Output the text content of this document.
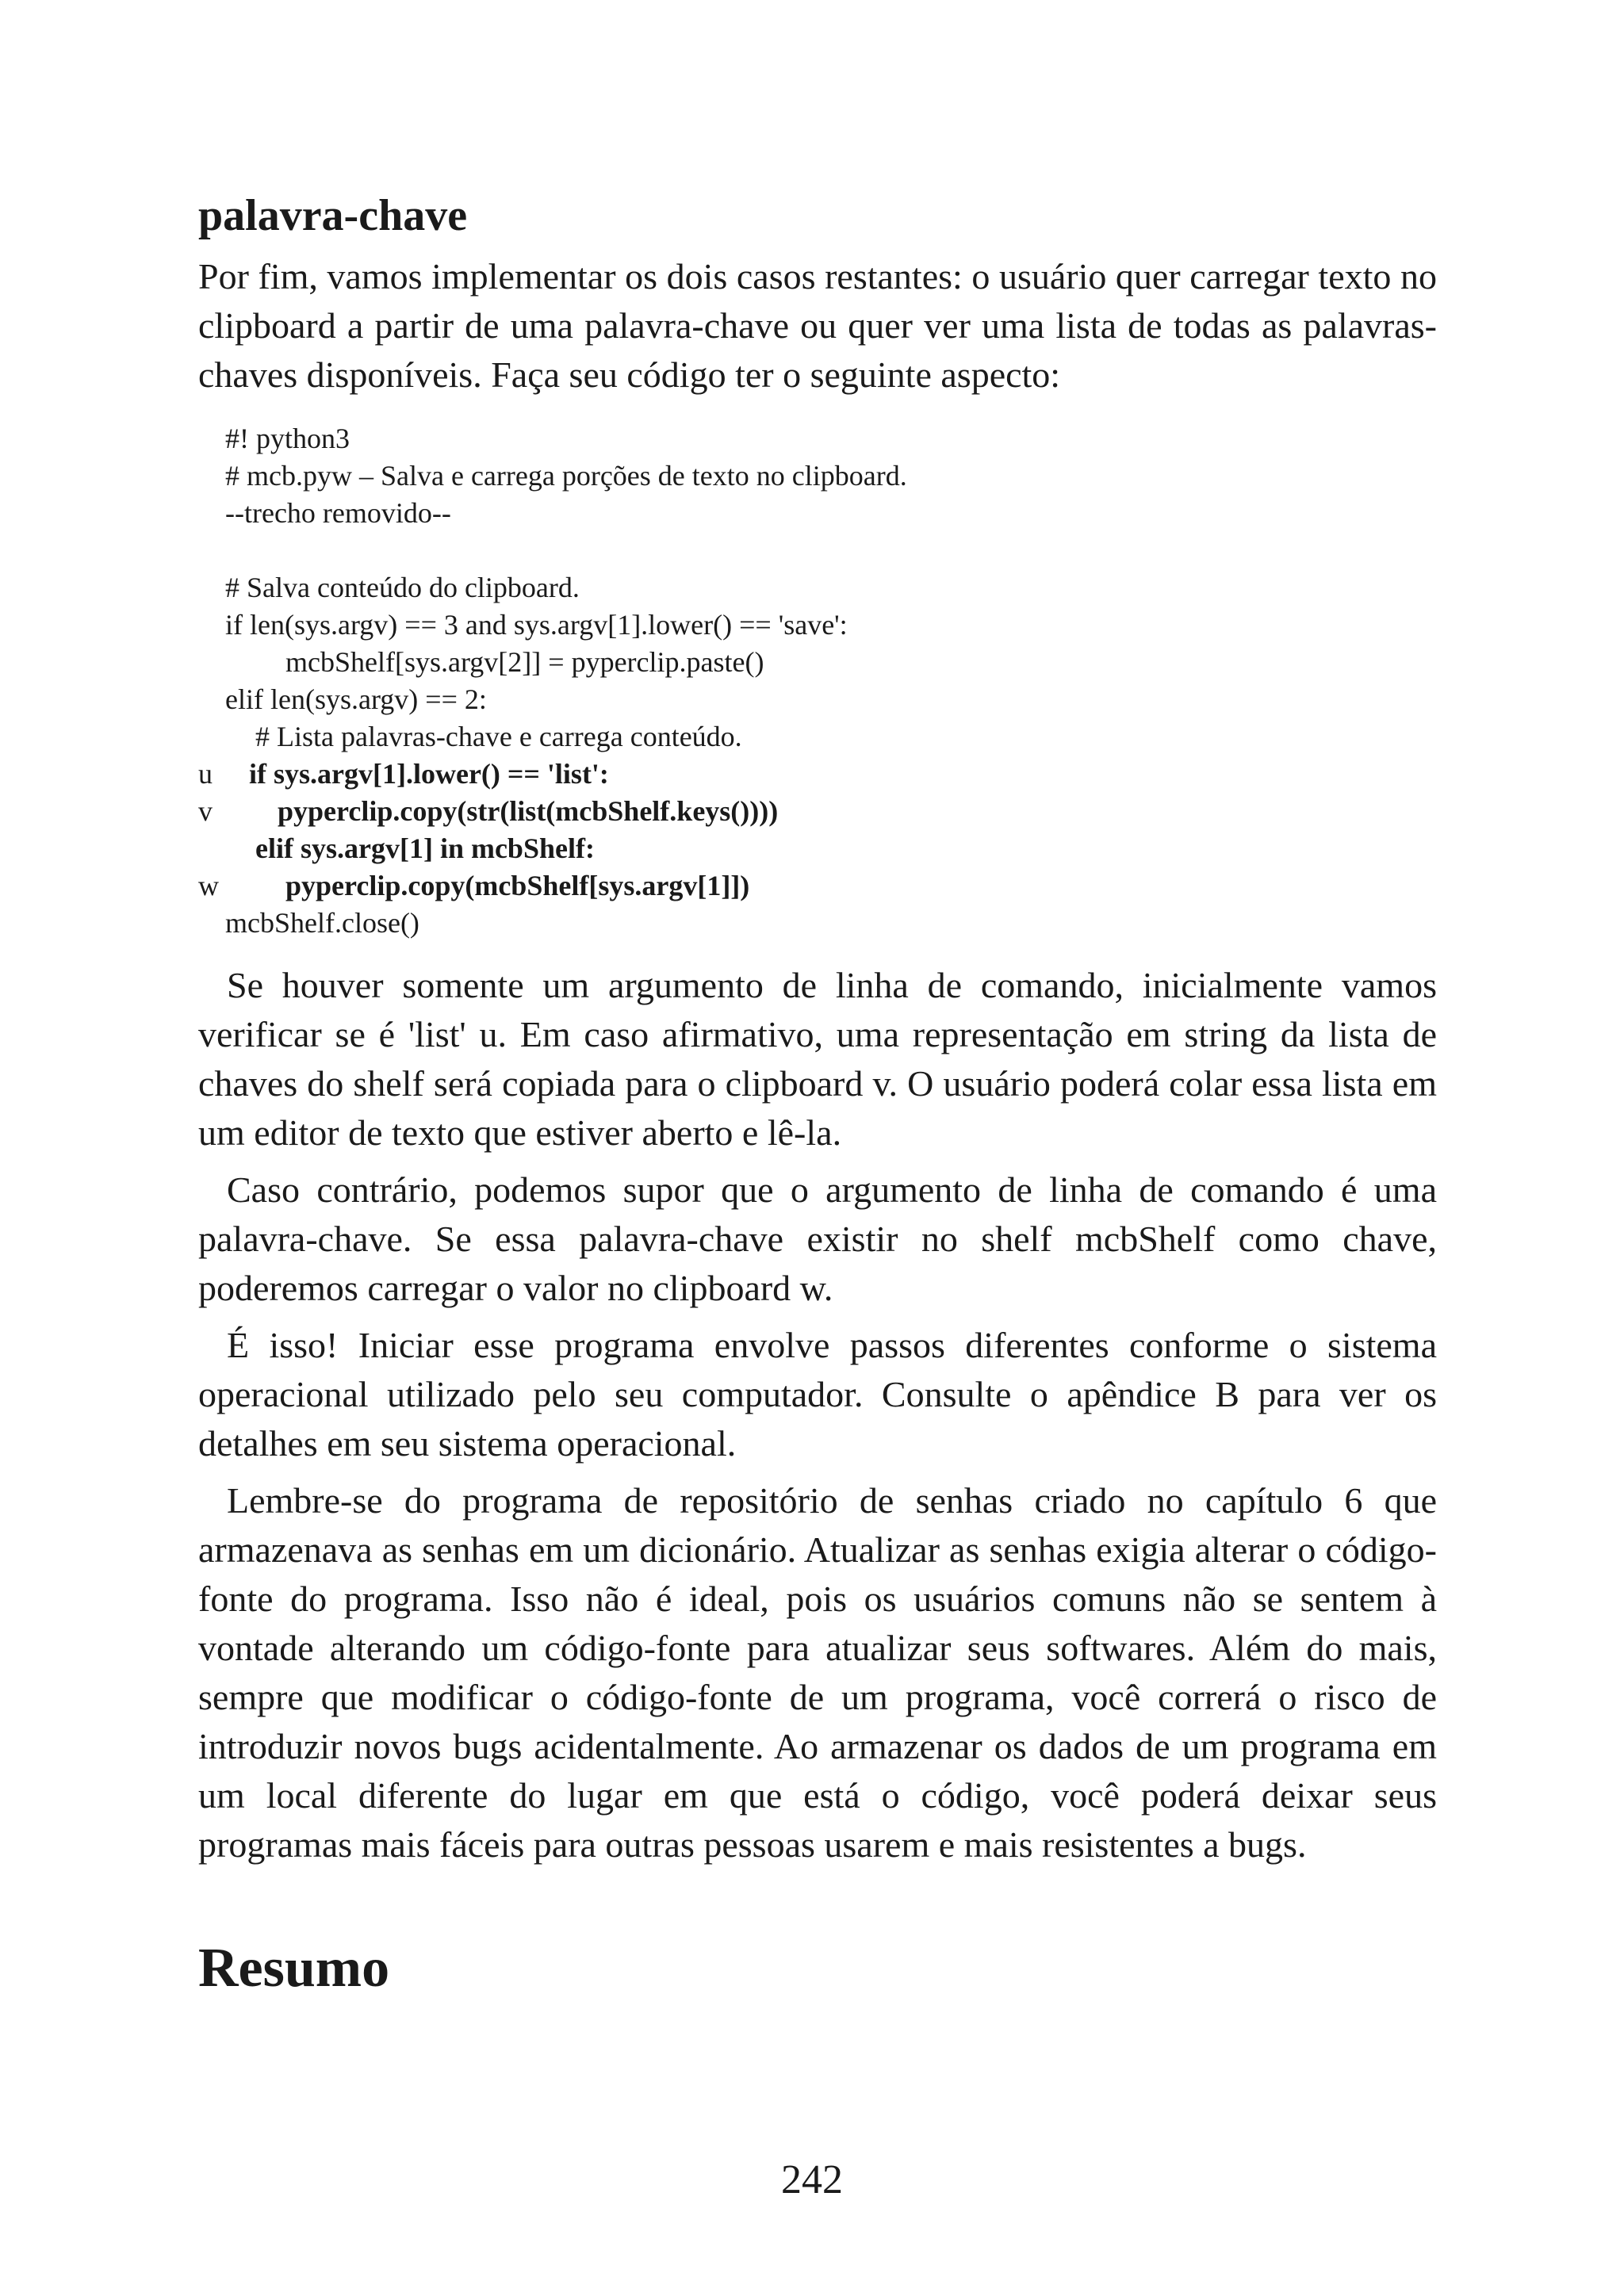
palavra-chave

Por fim, vamos implementar os dois casos restantes: o usuário quer carregar texto no clipboard a partir de uma palavra-chave ou quer ver uma lista de todas as palavras-chaves disponíveis. Faça seu código ter o seguinte aspecto:

#! python3

# mcb.pyw – Salva e carrega porções de texto no clipboard.

--trecho removido--

# Salva conteúdo do clipboard.

if len(sys.argv) == 3 and sys.argv[1].lower() == 'save':

mcbShelf[sys.argv[2]] = pyperclip.paste()

elif len(sys.argv) == 2:

# Lista palavras-chave e carrega conteúdo.

u

if sys.argv[1].lower() == 'list':

v

pyperclip.copy(str(list(mcbShelf.keys())))

elif sys.argv[1] in mcbShelf:

w

pyperclip.copy(mcbShelf[sys.argv[1]])

mcbShelf.close()

Se houver somente um argumento de linha de comando, inicialmente vamos verificar se é 'list' u. Em caso afirmativo, uma representação em string da lista de chaves do shelf será copiada para o clipboard v. O usuário poderá colar essa lista em um editor de texto que estiver aberto e lê-la.

Caso contrário, podemos supor que o argumento de linha de comando é uma palavra-chave. Se essa palavra-chave existir no shelf mcbShelf como chave, poderemos carregar o valor no clipboard w.

É isso! Iniciar esse programa envolve passos diferentes conforme o sistema operacional utilizado pelo seu computador. Consulte o apêndice B para ver os detalhes em seu sistema operacional.

Lembre-se do programa de repositório de senhas criado no capítulo 6 que armazenava as senhas em um dicionário. Atualizar as senhas exigia alterar o código-fonte do programa. Isso não é ideal, pois os usuários comuns não se sentem à vontade alterando um código-fonte para atualizar seus softwares. Além do mais, sempre que modificar o código-fonte de um programa, você correrá o risco de introduzir novos bugs acidentalmente. Ao armazenar os dados de um programa em um local diferente do lugar em que está o código, você poderá deixar seus programas mais fáceis para outras pessoas usarem e mais resistentes a bugs.

Resumo
242
